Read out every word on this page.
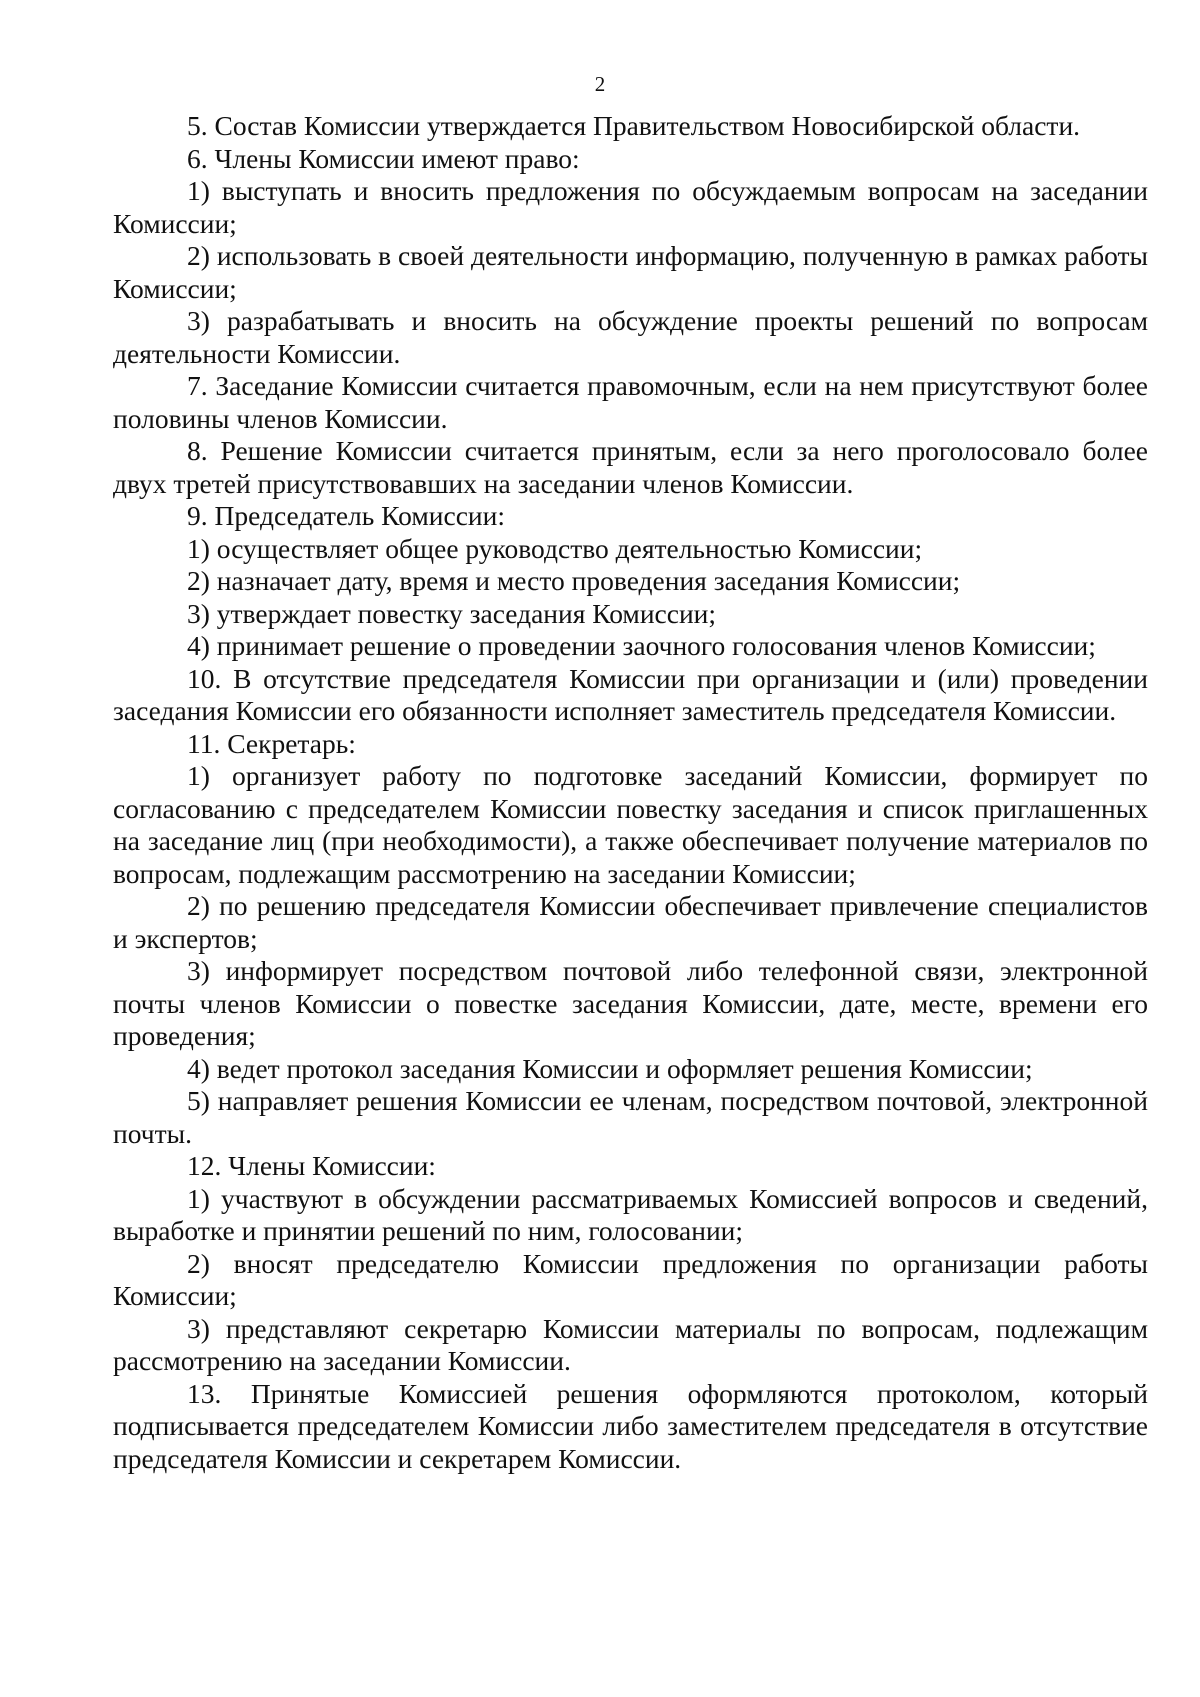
2

5. Состав Комиссии утверждается Правительством Новосибирской области.

6. Члены Комиссии имеют право:

1) выступать и вносить предложения по обсуждаемым вопросам на заседании Комиссии;

2) использовать в своей деятельности информацию, полученную в рамках работы Комиссии;

3) разрабатывать и вносить на обсуждение проекты решений по вопросам деятельности Комиссии.

7. Заседание Комиссии считается правомочным, если на нем присутствуют более половины членов Комиссии.

8. Решение Комиссии считается принятым, если за него проголосовало более двух третей присутствовавших на заседании членов Комиссии.

9. Председатель Комиссии:

1) осуществляет общее руководство деятельностью Комиссии;

2) назначает дату, время и место проведения заседания Комиссии;

3) утверждает повестку заседания Комиссии;

4) принимает решение о проведении заочного голосования членов Комиссии;

10. В отсутствие председателя Комиссии при организации и (или) проведении заседания Комиссии его обязанности исполняет заместитель председателя Комиссии.

11. Секретарь:

1) организует работу по подготовке заседаний Комиссии, формирует по согласованию с председателем Комиссии повестку заседания и список приглашенных на заседание лиц (при необходимости), а также обеспечивает получение материалов по вопросам, подлежащим рассмотрению на заседании Комиссии;

2) по решению председателя Комиссии обеспечивает привлечение специалистов и экспертов;

3) информирует посредством почтовой либо телефонной связи, электронной почты членов Комиссии о повестке заседания Комиссии, дате, месте, времени его проведения;

4) ведет протокол заседания Комиссии и оформляет решения Комиссии;

5) направляет решения Комиссии ее членам, посредством почтовой, электронной почты.

12. Члены Комиссии:

1) участвуют в обсуждении рассматриваемых Комиссией вопросов и сведений, выработке и принятии решений по ним, голосовании;

2) вносят председателю Комиссии предложения по организации работы Комиссии;

3) представляют секретарю Комиссии материалы по вопросам, подлежащим рассмотрению на заседании Комиссии.

13. Принятые Комиссией решения оформляются протоколом, который подписывается председателем Комиссии либо заместителем председателя в отсутствие председателя Комиссии и секретарем Комиссии.
